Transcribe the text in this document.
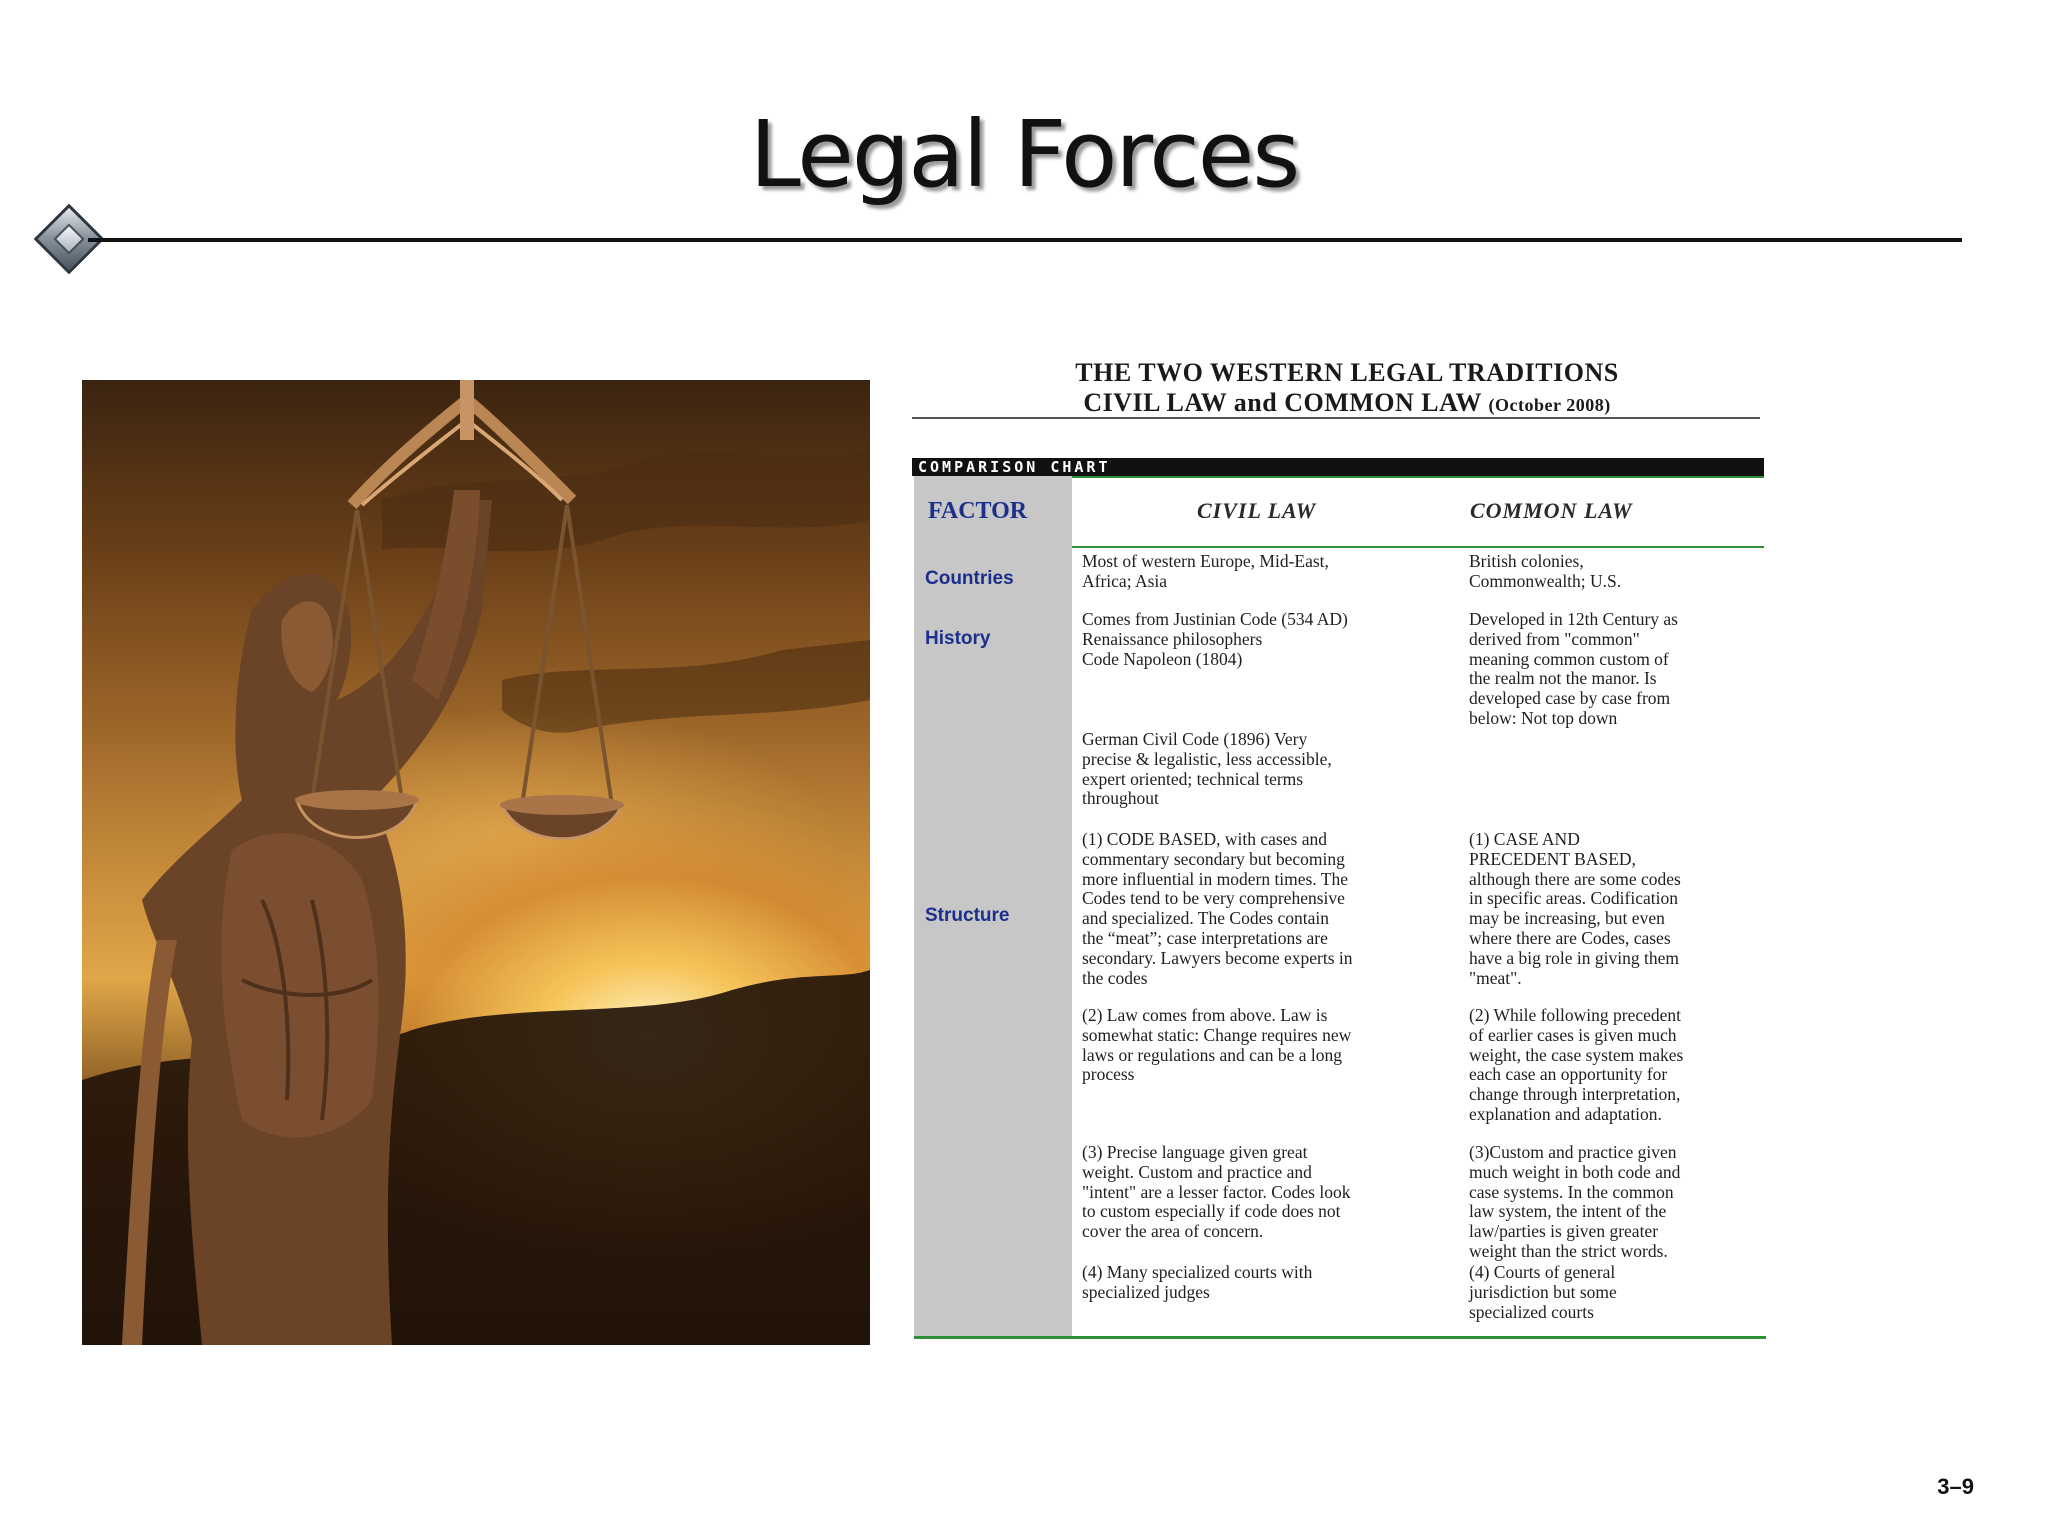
Legal Forces
THE TWO WESTERN LEGAL TRADITIONS
CIVIL LAW and COMMON LAW (October 2008)
COMPARISON CHART
FACTOR	CIVIL LAW	COMMON LAW
Countries
History
Structure
Most of western Europe, Mid-East,
Africa; Asia
British colonies,
Commonwealth; U.S.
Comes from Justinian Code (534 AD)
Renaissance philosophers
Code Napoleon (1804)
Developed in 12th Century as
derived from "common"
meaning common custom of
the realm not the manor. Is
developed case by case from
below: Not top down
German Civil Code (1896) Very
precise & legalistic, less accessible,
expert oriented; technical terms
throughout
(1) CODE BASED, with cases and
commentary secondary but becoming
more influential in modern times. The
Codes tend to be very comprehensive
and specialized. The Codes contain
the “meat”; case interpretations are
secondary. Lawyers become experts in
the codes
(1) CASE AND
PRECEDENT BASED,
although there are some codes
in specific areas. Codification
may be increasing, but even
where there are Codes, cases
have a big role in giving them
"meat".
(2) Law comes from above. Law is
somewhat static: Change requires new
laws or regulations and can be a long
process
(2) While following precedent
of earlier cases is given much
weight, the case system makes
each case an opportunity for
change through interpretation,
explanation and adaptation.
(3) Precise language given great
weight. Custom and practice and
"intent" are a lesser factor. Codes look
to custom especially if code does not
cover the area of concern.
(3)Custom and practice given
much weight in both code and
case systems. In the common
law system, the intent of the
law/parties is given greater
weight than the strict words.
(4) Many specialized courts with
specialized judges
(4) Courts of general
jurisdiction but some
specialized courts
3–9
